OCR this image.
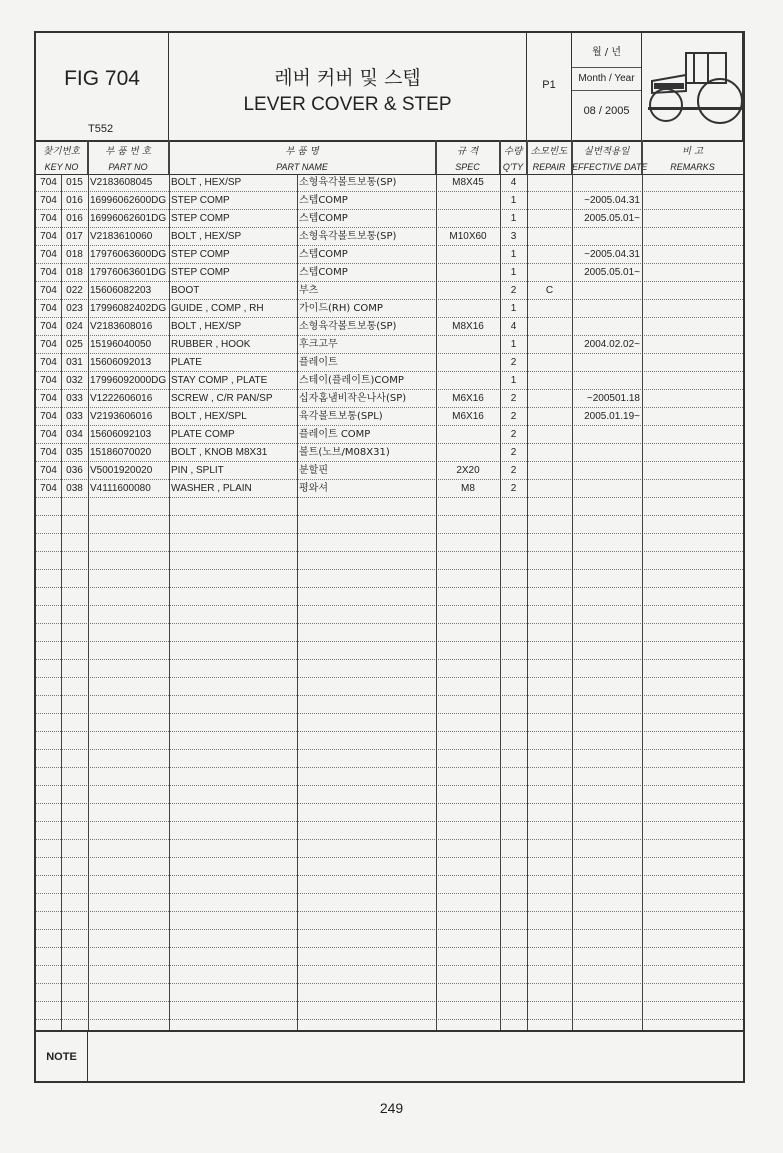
FIG 704
T552
레버 커버 및 스텝
LEVER COVER & STEP
P1
월 / 년
Month / Year
08 / 2005
찾기번호
KEY NO
부 품 번 호
PART NO
부 품 명
PART NAME
규 격
SPEC
수량
Q'TY
소모빈도
REPAIR
실번적용일
EFFECTIVE DATE
비 고
REMARKS
704 015 V2183608045	BOLT , HEX/SP	소형육각볼트보통(SP)	M8X45	4
704 016 16996062600DG STEP COMP	스텝COMP	1	~2005.04.31
704 016 16996062601DG STEP COMP	스텝COMP	1	2005.05.01~
704 017 V2183610060	BOLT , HEX/SP	소형육각볼트보통(SP)	M10X60	3
704 018 17976063600DG STEP COMP	스텝COMP	1	~2005.04.31
704 018 17976063601DG STEP COMP	스텝COMP	1	2005.05.01~
704 022 15606082203	BOOT	부츠	2	C
704 023 17996082402DG GUIDE , COMP , RH	가이드(RH) COMP	1
704 024 V2183608016	BOLT , HEX/SP	소형육각볼트보통(SP)	M8X16	4
704 025 15196040050	RUBBER , HOOK	후크고무	1	2004.02.02~
704 031 15606092013	PLATE	플레이트	2
704 032 17996092000DG STAY COMP , PLATE	스테이(플레이트)COMP	1
704 033 V1222606016	SCREW , C/R PAN/SP	십자홈냄비작은나사(SP)	M6X16	2	~200501.18
704 033 V2193606016	BOLT , HEX/SPL	육각볼트보통(SPL)	M6X16	2	2005.01.19~
704 034 15606092103	PLATE COMP	플레이트 COMP	2
704 035 15186070020	BOLT , KNOB M8X31	볼트(노브/M08X31)	2
704 036 V5001920020	PIN , SPLIT	분할핀	2X20	2
704 038 V4111600080	WASHER , PLAIN	평와셔	M8	2
NOTE
249
